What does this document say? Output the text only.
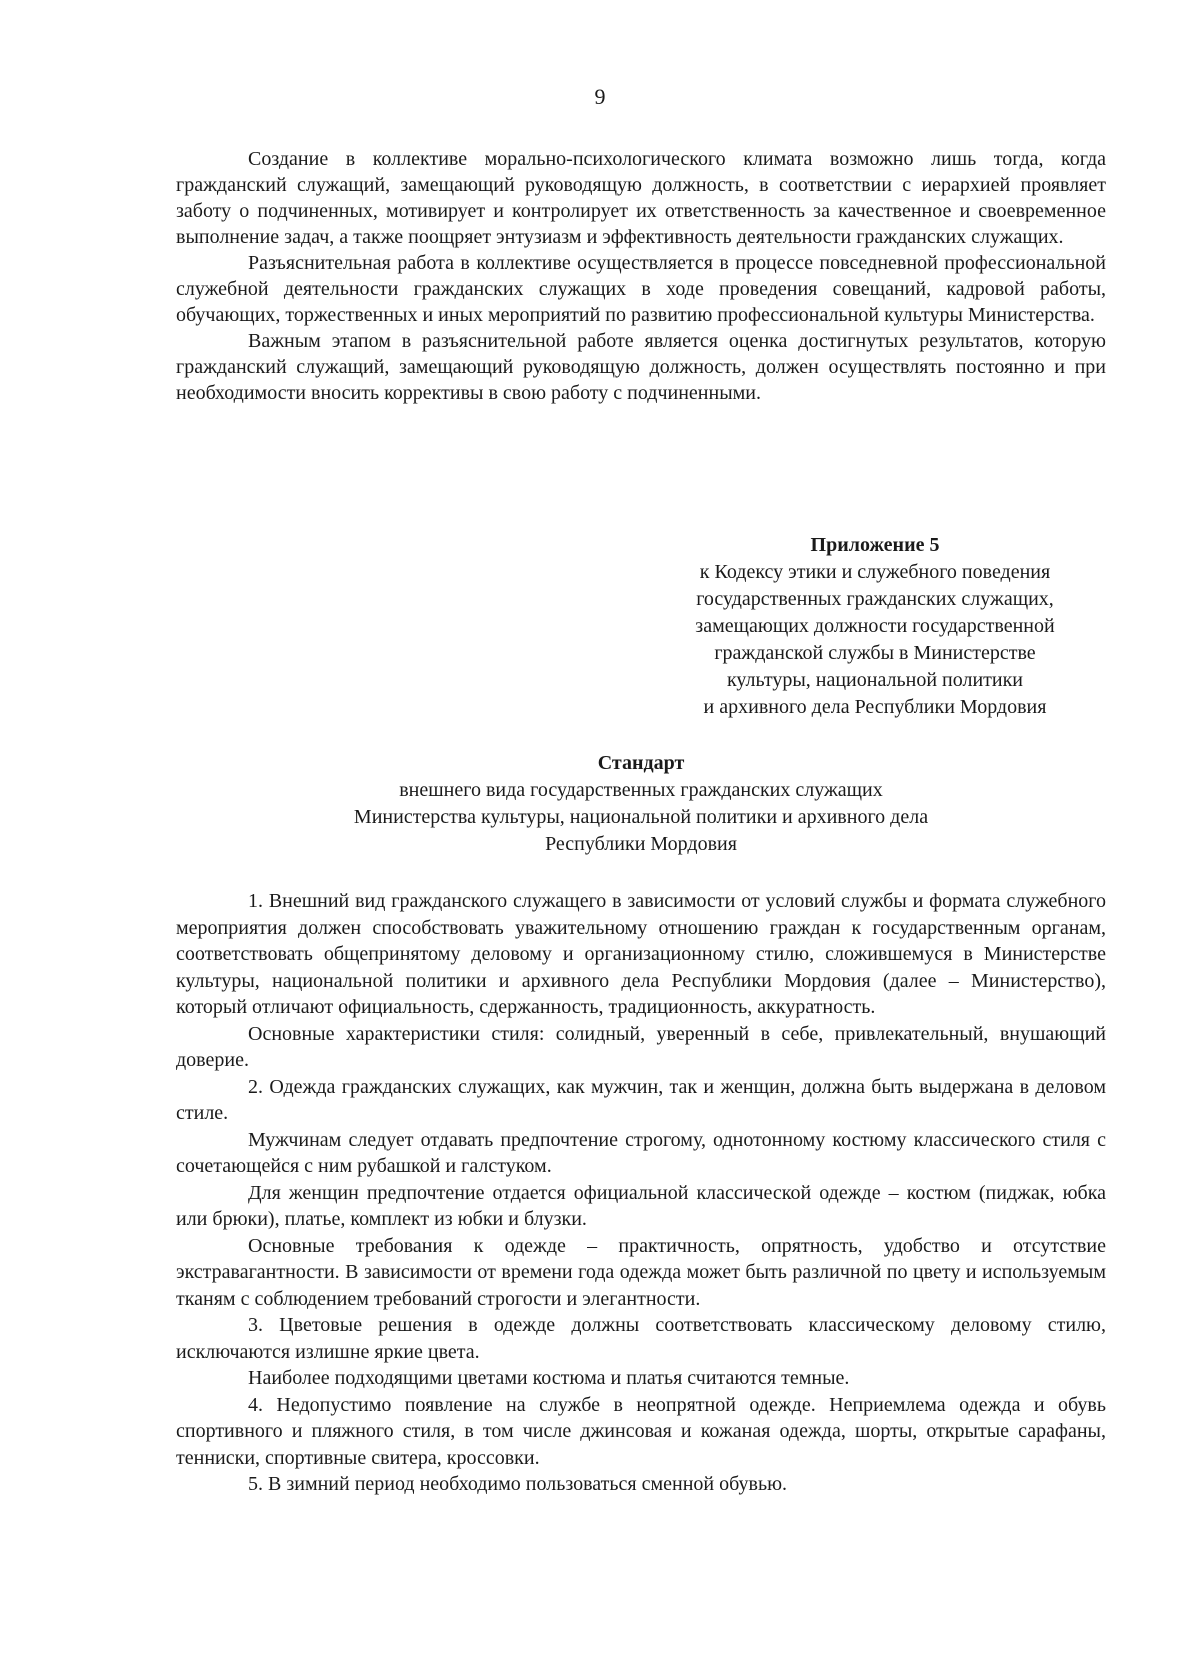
9

Создание в коллективе морально-психологического климата возможно лишь тогда, когда гражданский служащий, замещающий руководящую должность, в соответствии с иерархией проявляет заботу о подчиненных, мотивирует и контролирует их ответственность за качественное и своевременное выполнение задач, а также поощряет энтузиазм и эффективность деятельности гражданских служащих.

Разъяснительная работа в коллективе осуществляется в процессе повседневной профессиональной служебной деятельности гражданских служащих в ходе проведения совещаний, кадровой работы, обучающих, торжественных и иных мероприятий по развитию профессиональной культуры Министерства.

Важным этапом в разъяснительной работе является оценка достигнутых результатов, которую гражданский служащий, замещающий руководящую должность, должен осуществлять постоянно и при необходимости вносить коррективы в свою работу с подчиненными.

Приложение 5
к Кодексу этики и служебного поведения
государственных гражданских служащих,
замещающих должности государственной
гражданской службы в Министерстве
культуры, национальной политики
и архивного дела Республики Мордовия
Стандарт
внешнего вида государственных гражданских служащих
Министерства культуры, национальной политики и архивного дела
Республики Мордовия

1. Внешний вид гражданского служащего в зависимости от условий службы и формата служебного мероприятия должен способствовать уважительному отношению граждан к государственным органам, соответствовать общепринятому деловому и организационному стилю, сложившемуся в Министерстве культуры, национальной политики и архивного дела Республики Мордовия (далее – Министерство), который отличают официальность, сдержанность, традиционность, аккуратность.

Основные характеристики стиля: солидный, уверенный в себе, привлекательный, внушающий доверие.

2. Одежда гражданских служащих, как мужчин, так и женщин, должна быть выдержана в деловом стиле.

Мужчинам следует отдавать предпочтение строгому, однотонному костюму классического стиля с сочетающейся с ним рубашкой и галстуком.

Для женщин предпочтение отдается официальной классической одежде – костюм (пиджак, юбка или брюки), платье, комплект из юбки и блузки.

Основные требования к одежде – практичность, опрятность, удобство и отсутствие экстравагантности. В зависимости от времени года одежда может быть различной по цвету и используемым тканям с соблюдением требований строгости и элегантности.

3. Цветовые решения в одежде должны соответствовать классическому деловому стилю, исключаются излишне яркие цвета.

Наиболее подходящими цветами костюма и платья считаются темные.

4. Недопустимо появление на службе в неопрятной одежде. Неприемлема одежда и обувь спортивного и пляжного стиля, в том числе джинсовая и кожаная одежда, шорты, открытые сарафаны, тенниски, спортивные свитера, кроссовки.

5. В зимний период необходимо пользоваться сменной обувью.
